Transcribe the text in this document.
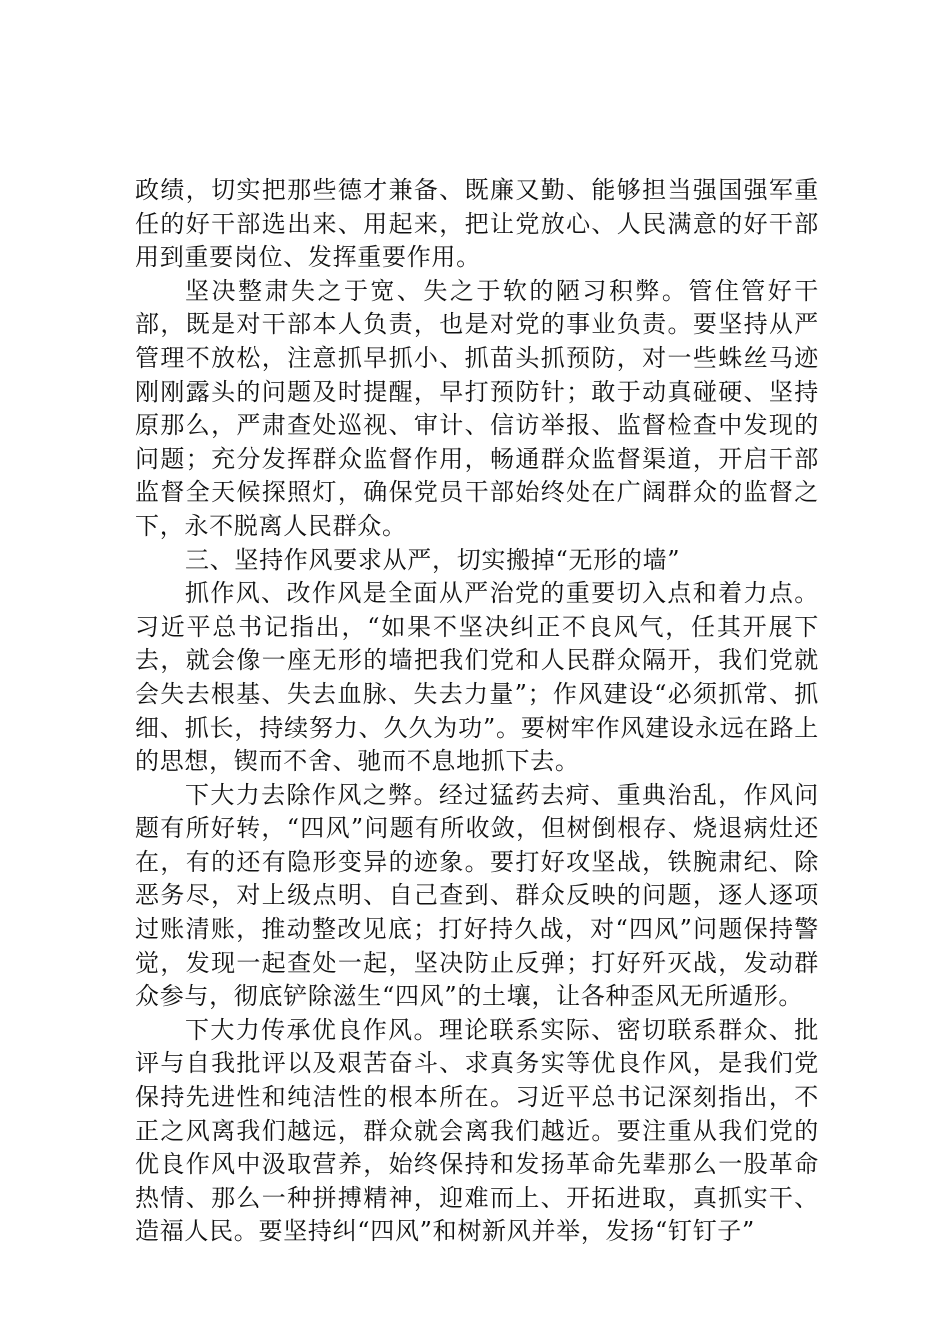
政绩，切实把那些德才兼备、既廉又勤、能够担当强国强军重任的好干部选出来、用起来，把让党放心、人民满意的好干部用到重要岗位、发挥重要作用。

坚决整肃失之于宽、失之于软的陋习积弊。管住管好干部，既是对干部本人负责，也是对党的事业负责。要坚持从严管理不放松，注意抓早抓小、抓苗头抓预防，对一些蛛丝马迹刚刚露头的问题及时提醒，早打预防针；敢于动真碰硬、坚持原那么，严肃查处巡视、审计、信访举报、监督检查中发现的问题；充分发挥群众监督作用，畅通群众监督渠道，开启干部监督全天候探照灯，确保党员干部始终处在广阔群众的监督之下，永不脱离人民群众。

三、坚持作风要求从严，切实搬掉“无形的墙”

抓作风、改作风是全面从严治党的重要切入点和着力点。习近平总书记指出，“如果不坚决纠正不良风气，任其开展下去，就会像一座无形的墙把我们党和人民群众隔开，我们党就会失去根基、失去血脉、失去力量”；作风建设“必须抓常、抓细、抓长，持续努力、久久为功”。要树牢作风建设永远在路上的思想，锲而不舍、驰而不息地抓下去。

下大力去除作风之弊。经过猛药去疴、重典治乱，作风问题有所好转，“四风”问题有所收敛，但树倒根存、烧退病灶还在，有的还有隐形变异的迹象。要打好攻坚战，铁腕肃纪、除恶务尽，对上级点明、自己查到、群众反映的问题，逐人逐项过账清账，推动整改见底；打好持久战，对“四风”问题保持警觉，发现一起查处一起，坚决防止反弹；打好歼灭战，发动群众参与，彻底铲除滋生“四风”的土壤，让各种歪风无所遁形。

下大力传承优良作风。理论联系实际、密切联系群众、批评与自我批评以及艰苦奋斗、求真务实等优良作风，是我们党保持先进性和纯洁性的根本所在。习近平总书记深刻指出，不正之风离我们越远，群众就会离我们越近。要注重从我们党的优良作风中汲取营养，始终保持和发扬革命先辈那么一股革命热情、那么一种拼搏精神，迎难而上、开拓进取，真抓实干、造福人民。要坚持纠“四风”和树新风并举，发扬“钉钉子”
